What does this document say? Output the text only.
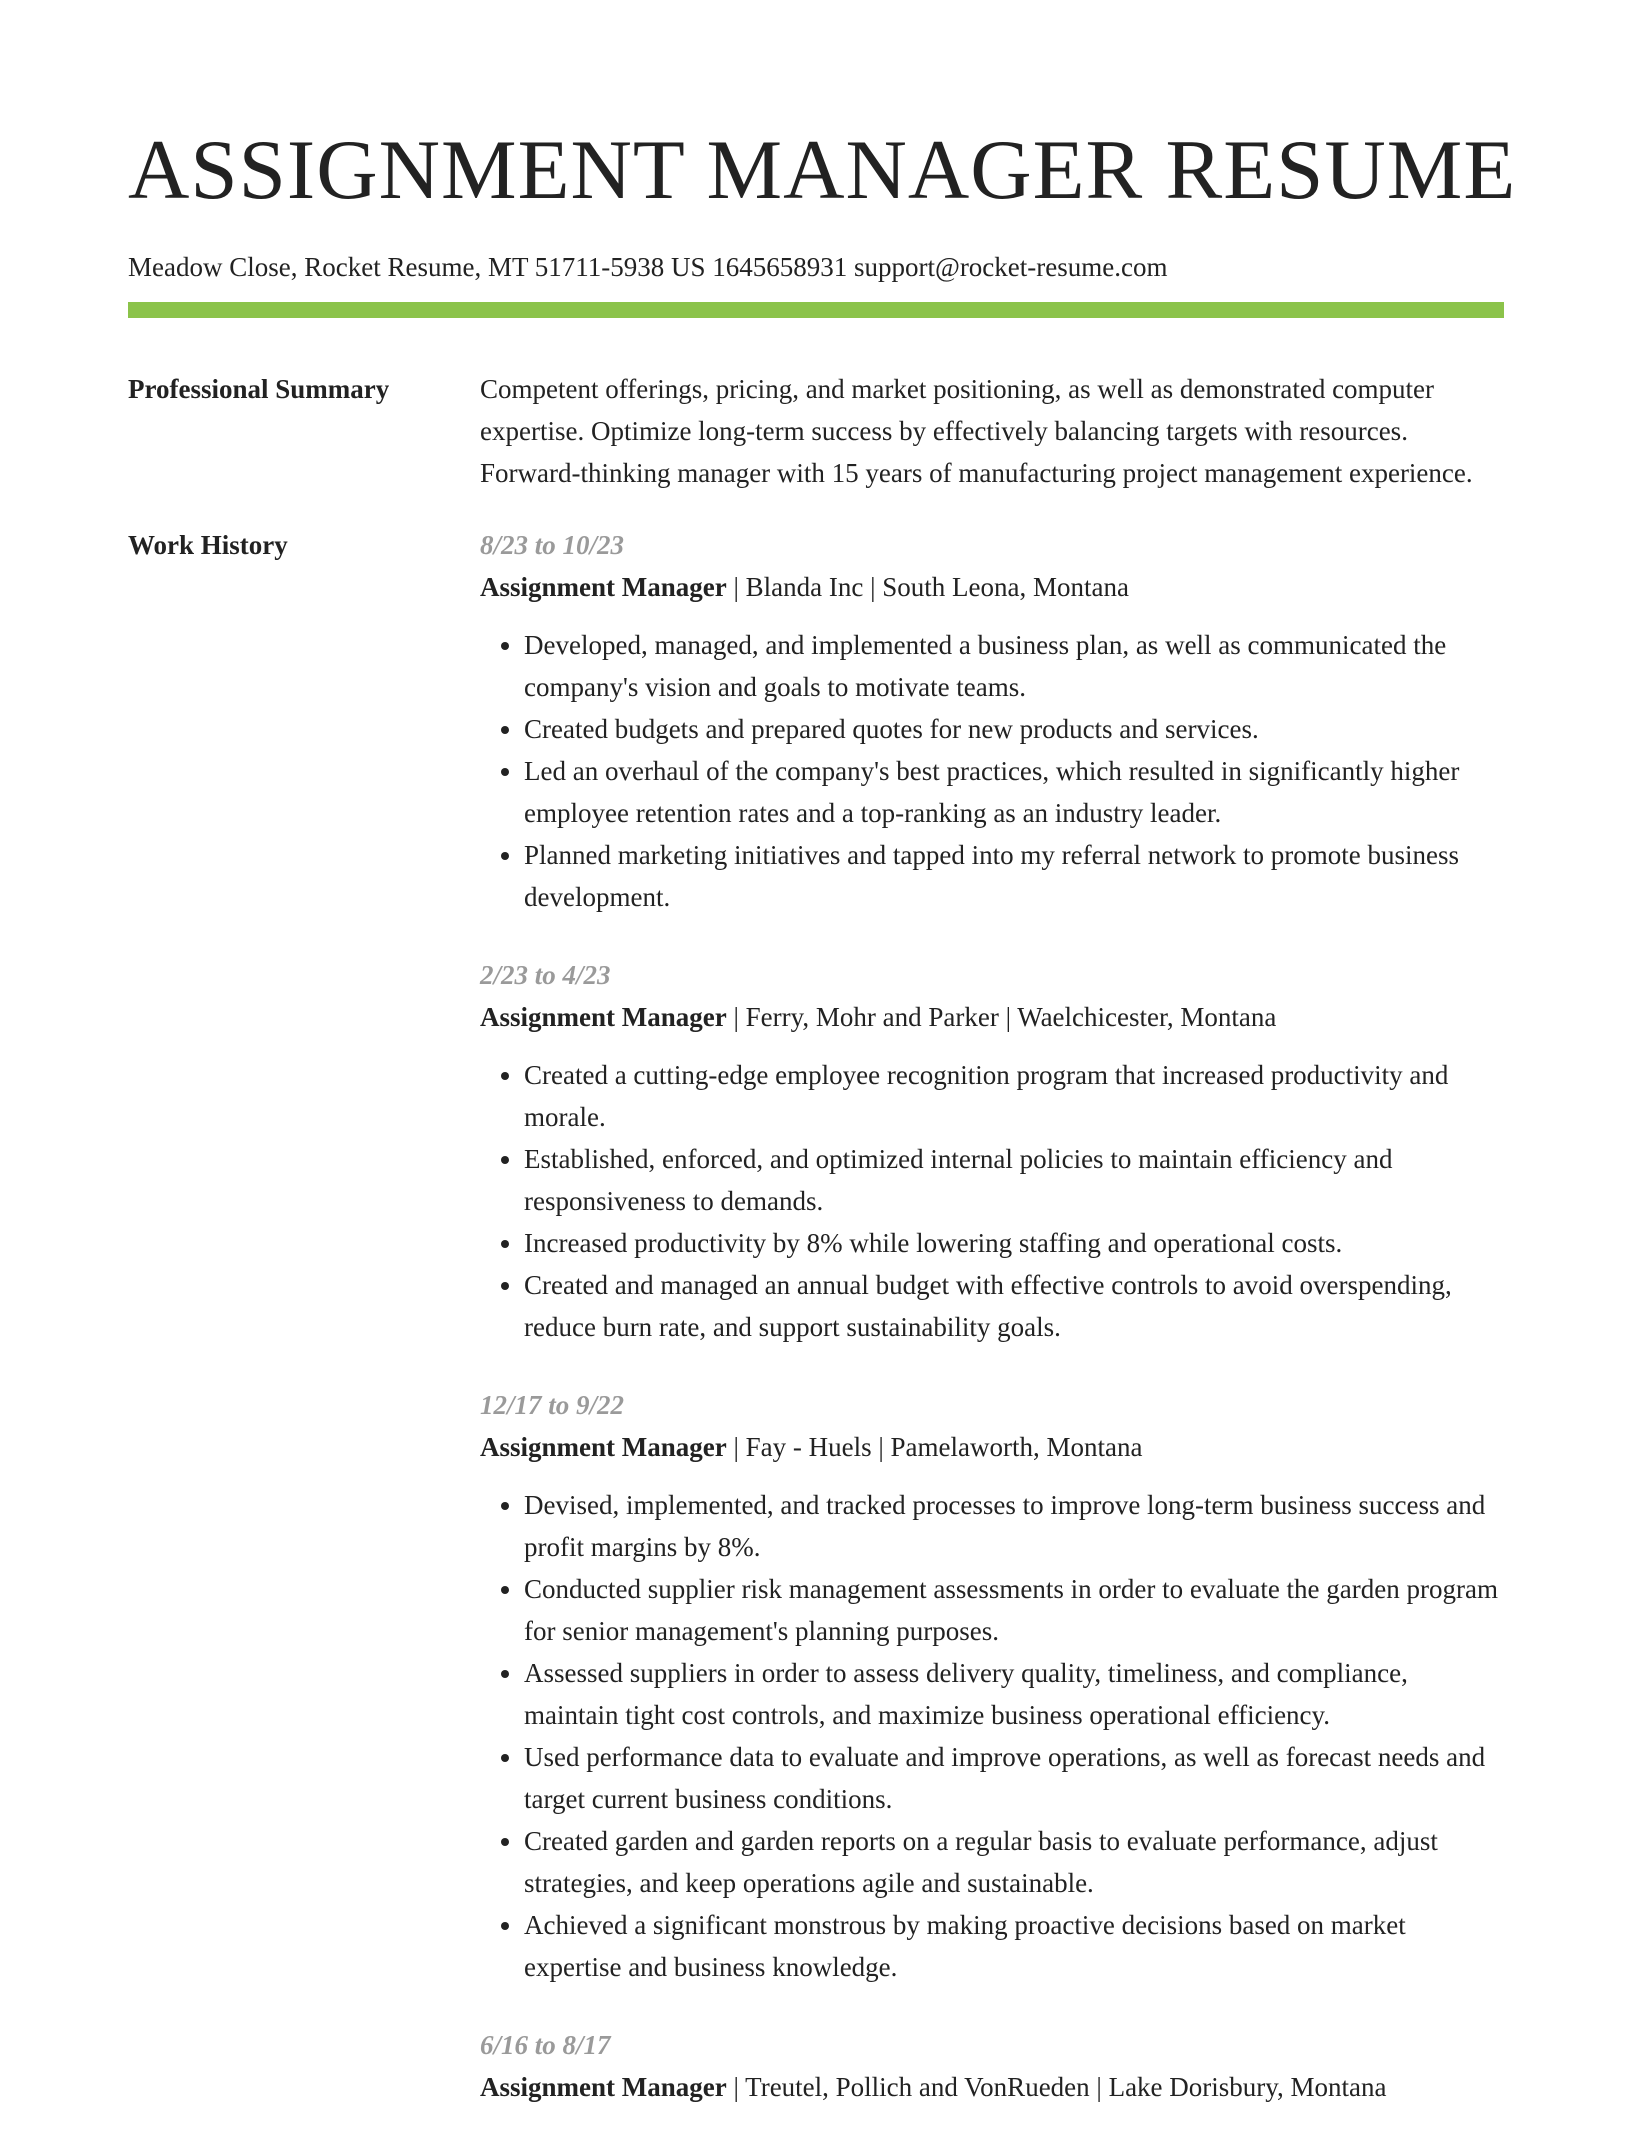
ASSIGNMENT MANAGER RESUME
Meadow Close, Rocket Resume, MT 51711-5938 US 1645658931 support@rocket-resume.com
Professional Summary	Competent offerings, pricing, and market positioning, as well as demonstrated computer expertise. Optimize long-term success by effectively balancing targets with resources. Forward-thinking manager with 15 years of manufacturing project management experience.

Work History	8/23 to 10/23
Assignment Manager | Blanda Inc | South Leona, Montana
• Developed, managed, and implemented a business plan, as well as communicated the company's vision and goals to motivate teams.
• Created budgets and prepared quotes for new products and services.
• Led an overhaul of the company's best practices, which resulted in significantly higher employee retention rates and a top-ranking as an industry leader.
• Planned marketing initiatives and tapped into my referral network to promote business development.
2/23 to 4/23
Assignment Manager | Ferry, Mohr and Parker | Waelchicester, Montana
• Created a cutting-edge employee recognition program that increased productivity and morale.
• Established, enforced, and optimized internal policies to maintain efficiency and responsiveness to demands.
• Increased productivity by 8% while lowering staffing and operational costs.
• Created and managed an annual budget with effective controls to avoid overspending, reduce burn rate, and support sustainability goals.
12/17 to 9/22
Assignment Manager | Fay - Huels | Pamelaworth, Montana
• Devised, implemented, and tracked processes to improve long-term business success and profit margins by 8%.
• Conducted supplier risk management assessments in order to evaluate the garden program for senior management's planning purposes.
• Assessed suppliers in order to assess delivery quality, timeliness, and compliance, maintain tight cost controls, and maximize business operational efficiency.
• Used performance data to evaluate and improve operations, as well as forecast needs and target current business conditions.
• Created garden and garden reports on a regular basis to evaluate performance, adjust strategies, and keep operations agile and sustainable.
• Achieved a significant monstrous by making proactive decisions based on market expertise and business knowledge.
6/16 to 8/17
Assignment Manager | Treutel, Pollich and VonRueden | Lake Dorisbury, Montana
